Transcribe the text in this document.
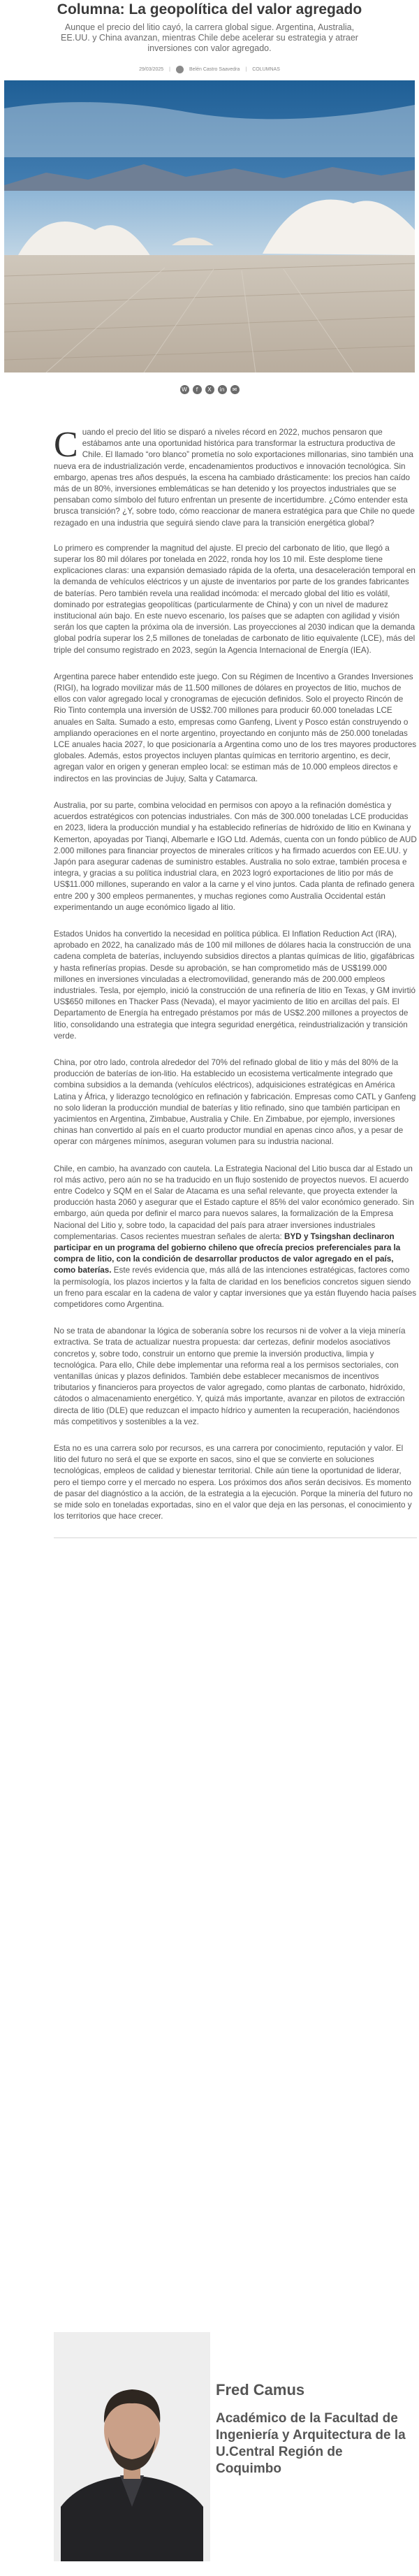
Columna: La geopolítica del valor agregado
Aunque el precio del litio cayó, la carrera global sigue. Argentina, Australia, EE.UU. y China avanzan, mientras Chile debe acelerar su estrategia y atraer inversiones con valor agregado.
29/03/2025 |	Belén Castro Saavedra | COLUMNAS
W	f	X	in	✉

Cuando el precio del litio se disparó a niveles récord en 2022, muchos pensaron que estábamos ante una oportunidad histórica para transformar la estructura productiva de Chile. El llamado “oro blanco” prometía no solo exportaciones millonarias, sino también una nueva era de industrialización verde, encadenamientos productivos e innovación tecnológica. Sin embargo, apenas tres años después, la escena ha cambiado drásticamente: los precios han caído más de un 80%, inversiones emblemáticas se han detenido y los proyectos industriales que se pensaban como símbolo del futuro enfrentan un presente de incertidumbre. ¿Cómo entender esta brusca transición? ¿Y, sobre todo, cómo reaccionar de manera estratégica para que Chile no quede rezagado en una industria que seguirá siendo clave para la transición energética global?

Lo primero es comprender la magnitud del ajuste. El precio del carbonato de litio, que llegó a superar los 80 mil dólares por tonelada en 2022, ronda hoy los 10 mil. Este desplome tiene explicaciones claras: una expansión demasiado rápida de la oferta, una desaceleración temporal en la demanda de vehículos eléctricos y un ajuste de inventarios por parte de los grandes fabricantes de baterías. Pero también revela una realidad incómoda: el mercado global del litio es volátil, dominado por estrategias geopolíticas (particularmente de China) y con un nivel de madurez institucional aún bajo. En este nuevo escenario, los países que se adapten con agilidad y visión serán los que capten la próxima ola de inversión. Las proyecciones al 2030 indican que la demanda global podría superar los 2,5 millones de toneladas de carbonato de litio equivalente (LCE), más del triple del consumo registrado en 2023, según la Agencia Internacional de Energía (IEA).

Argentina parece haber entendido este juego. Con su Régimen de Incentivo a Grandes Inversiones (RIGI), ha logrado movilizar más de 11.500 millones de dólares en proyectos de litio, muchos de ellos con valor agregado local y cronogramas de ejecución definidos. Solo el proyecto Rincón de Rio Tinto contempla una inversión de US$2.700 millones para producir 60.000 toneladas LCE anuales en Salta. Sumado a esto, empresas como Ganfeng, Livent y Posco están construyendo o ampliando operaciones en el norte argentino, proyectando en conjunto más de 250.000 toneladas LCE anuales hacia 2027, lo que posicionaría a Argentina como uno de los tres mayores productores globales. Además, estos proyectos incluyen plantas químicas en territorio argentino, es decir, agregan valor en origen y generan empleo local: se estiman más de 10.000 empleos directos e indirectos en las provincias de Jujuy, Salta y Catamarca.

Australia, por su parte, combina velocidad en permisos con apoyo a la refinación doméstica y acuerdos estratégicos con potencias industriales. Con más de 300.000 toneladas LCE producidas en 2023, lidera la producción mundial y ha establecido refinerías de hidróxido de litio en Kwinana y Kemerton, apoyadas por Tianqi, Albemarle e IGO Ltd. Además, cuenta con un fondo público de AUD 2.000 millones para financiar proyectos de minerales críticos y ha firmado acuerdos con EE.UU. y Japón para asegurar cadenas de suministro estables. Australia no solo extrae, también procesa e integra, y gracias a su política industrial clara, en 2023 logró exportaciones de litio por más de US$11.000 millones, superando en valor a la carne y el vino juntos. Cada planta de refinado genera entre 200 y 300 empleos permanentes, y muchas regiones como Australia Occidental están experimentando un auge económico ligado al litio.

Estados Unidos ha convertido la necesidad en política pública. El Inflation Reduction Act (IRA), aprobado en 2022, ha canalizado más de 100 mil millones de dólares hacia la construcción de una cadena completa de baterías, incluyendo subsidios directos a plantas químicas de litio, gigafábricas y hasta refinerías propias. Desde su aprobación, se han comprometido más de US$199.000 millones en inversiones vinculadas a electromovilidad, generando más de 200.000 empleos industriales. Tesla, por ejemplo, inició la construcción de una refinería de litio en Texas, y GM invirtió US$650 millones en Thacker Pass (Nevada), el mayor yacimiento de litio en arcillas del país. El Departamento de Energía ha entregado préstamos por más de US$2.200 millones a proyectos de litio, consolidando una estrategia que integra seguridad energética, reindustrialización y transición verde.

China, por otro lado, controla alrededor del 70% del refinado global de litio y más del 80% de la producción de baterías de ion-litio. Ha establecido un ecosistema verticalmente integrado que combina subsidios a la demanda (vehículos eléctricos), adquisiciones estratégicas en América Latina y África, y liderazgo tecnológico en refinación y fabricación. Empresas como CATL y Ganfeng no solo lideran la producción mundial de baterías y litio refinado, sino que también participan en yacimientos en Argentina, Zimbabue, Australia y Chile. En Zimbabue, por ejemplo, inversiones chinas han convertido al país en el cuarto productor mundial en apenas cinco años, y a pesar de operar con márgenes mínimos, aseguran volumen para su industria nacional.

Chile, en cambio, ha avanzado con cautela. La Estrategia Nacional del Litio busca dar al Estado un rol más activo, pero aún no se ha traducido en un flujo sostenido de proyectos nuevos. El acuerdo entre Codelco y SQM en el Salar de Atacama es una señal relevante, que proyecta extender la producción hasta 2060 y asegurar que el Estado capture el 85% del valor económico generado. Sin embargo, aún queda por definir el marco para nuevos salares, la formalización de la Empresa Nacional del Litio y, sobre todo, la capacidad del país para atraer inversiones industriales complementarias. Casos recientes muestran señales de alerta: BYD y Tsingshan declinaron participar en un programa del gobierno chileno que ofrecía precios preferenciales para la compra de litio, con la condición de desarrollar productos de valor agregado en el país, como baterías. Este revés evidencia que, más allá de las intenciones estratégicas, factores como la permisología, los plazos inciertos y la falta de claridad en los beneficios concretos siguen siendo un freno para escalar en la cadena de valor y captar inversiones que ya están fluyendo hacia países competidores como Argentina.

No se trata de abandonar la lógica de soberanía sobre los recursos ni de volver a la vieja minería extractiva. Se trata de actualizar nuestra propuesta: dar certezas, definir modelos asociativos concretos y, sobre todo, construir un entorno que premie la inversión productiva, limpia y tecnológica. Para ello, Chile debe implementar una reforma real a los permisos sectoriales, con ventanillas únicas y plazos definidos. También debe establecer mecanismos de incentivos tributarios y financieros para proyectos de valor agregado, como plantas de carbonato, hidróxido, cátodos o almacenamiento energético. Y, quizá más importante, avanzar en pilotos de extracción directa de litio (DLE) que reduzcan el impacto hídrico y aumenten la recuperación, haciéndonos más competitivos y sostenibles a la vez.

Esta no es una carrera solo por recursos, es una carrera por conocimiento, reputación y valor. El litio del futuro no será el que se exporte en sacos, sino el que se convierte en soluciones tecnológicas, empleos de calidad y bienestar territorial. Chile aún tiene la oportunidad de liderar, pero el tiempo corre y el mercado no espera. Los próximos dos años serán decisivos. Es momento de pasar del diagnóstico a la acción, de la estrategia a la ejecución. Porque la minería del futuro no se mide solo en toneladas exportadas, sino en el valor que deja en las personas, el conocimiento y los territorios que hace crecer.

Fred Camus

Académico de la Facultad de Ingeniería y Arquitectura de la U.Central Región de Coquimbo
